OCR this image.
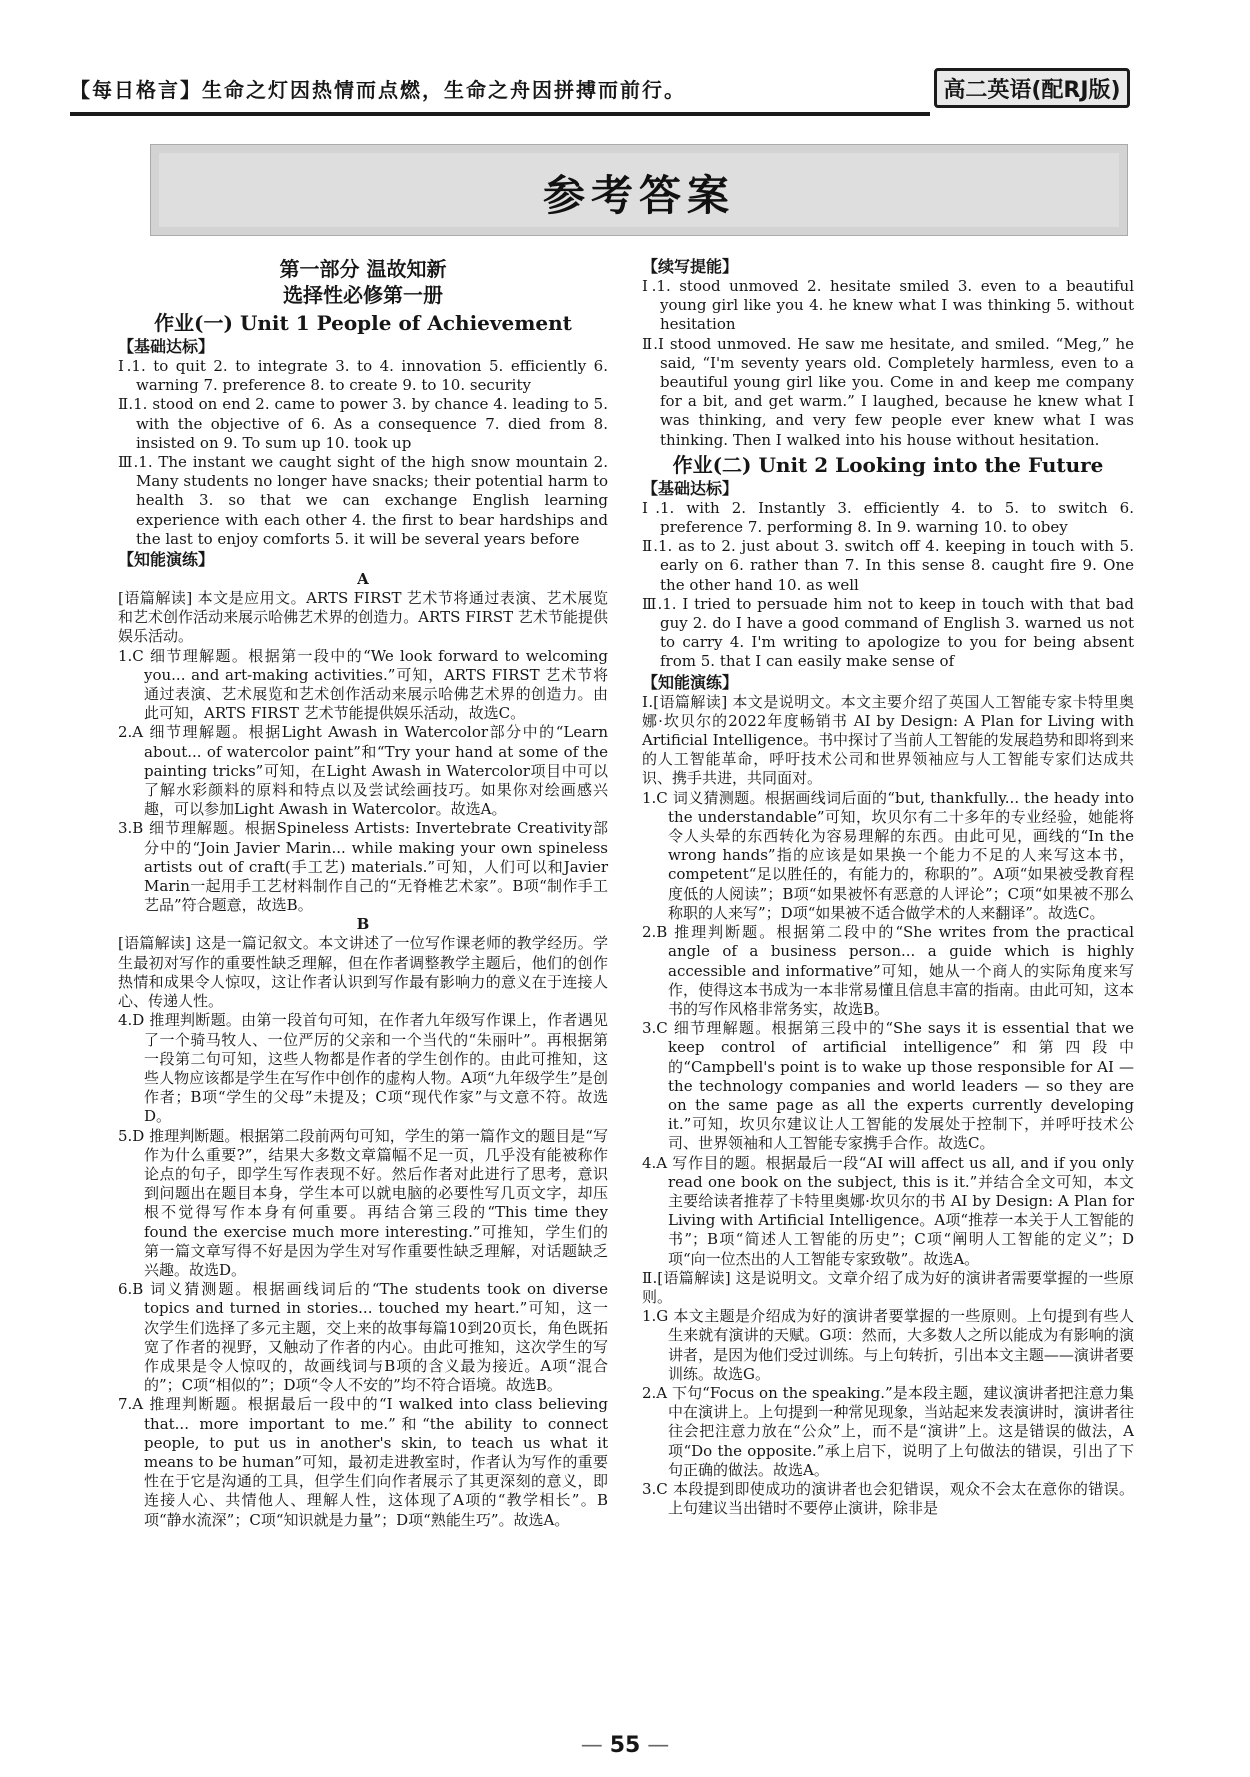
【每日格言】生命之灯因热情而点燃，生命之舟因拼搏而前行。	高二英语(配RJ版)
参考答案
第一部分 温故知新
选择性必修第一册
作业(一) Unit 1 People of Achievement
【基础达标】

Ⅰ.1. to quit 2. to integrate 3. to 4. innovation 5. efficiently 6. warning 7. preference 8. to create 9. to 10. security

Ⅱ.1. stood on end 2. came to power 3. by chance 4. leading to 5. with the objective of 6. As a consequence 7. died from 8. insisted on 9. To sum up 10. took up

Ⅲ.1. The instant we caught sight of the high snow mountain 2. Many students no longer have snacks; their potential harm to health 3. so that we can exchange English learning experience with each other 4. the first to bear hardships and the last to enjoy comforts 5. it will be several years before

【知能演练】
A

[语篇解读] 本文是应用文。ARTS FIRST 艺术节将通过表演、艺术展览和艺术创作活动来展示哈佛艺术界的创造力。ARTS FIRST 艺术节能提供娱乐活动。

1.C 细节理解题。根据第一段中的“We look forward to welcoming you... and art-making activities.”可知，ARTS FIRST 艺术节将通过表演、艺术展览和艺术创作活动来展示哈佛艺术界的创造力。由此可知，ARTS FIRST 艺术节能提供娱乐活动，故选C。

2.A 细节理解题。根据Light Awash in Watercolor部分中的“Learn about... of watercolor paint”和“Try your hand at some of the painting tricks”可知，在Light Awash in Watercolor项目中可以了解水彩颜料的原料和特点以及尝试绘画技巧。如果你对绘画感兴趣，可以参加Light Awash in Watercolor。故选A。

3.B 细节理解题。根据Spineless Artists: Invertebrate Creativity部分中的“Join Javier Marin... while making your own spineless artists out of craft(手工艺) materials.”可知，人们可以和Javier Marin一起用手工艺材料制作自己的“无脊椎艺术家”。B项“制作手工艺品”符合题意，故选B。

B

[语篇解读] 这是一篇记叙文。本文讲述了一位写作课老师的教学经历。学生最初对写作的重要性缺乏理解，但在作者调整教学主题后，他们的创作热情和成果令人惊叹，这让作者认识到写作最有影响力的意义在于连接人心、传递人性。

4.D 推理判断题。由第一段首句可知，在作者九年级写作课上，作者遇见了一个骑马牧人、一位严厉的父亲和一个当代的“朱丽叶”。再根据第一段第二句可知，这些人物都是作者的学生创作的。由此可推知，这些人物应该都是学生在写作中创作的虚构人物。A项“九年级学生”是创作者；B项“学生的父母”未提及；C项“现代作家”与文意不符。故选D。

5.D 推理判断题。根据第二段前两句可知，学生的第一篇作文的题目是“写作为什么重要?”，结果大多数文章篇幅不足一页，几乎没有能被称作论点的句子，即学生写作表现不好。然后作者对此进行了思考，意识到问题出在题目本身，学生本可以就电脑的必要性写几页文字，却压根不觉得写作本身有何重要。再结合第三段的“This time they found the exercise much more interesting.”可推知，学生们的第一篇文章写得不好是因为学生对写作重要性缺乏理解，对话题缺乏兴趣。故选D。

6.B 词义猜测题。根据画线词后的“The students took on diverse topics and turned in stories... touched my heart.”可知，这一次学生们选择了多元主题，交上来的故事每篇10到20页长，角色既拓宽了作者的视野，又触动了作者的内心。由此可推知，这次学生的写作成果是令人惊叹的，故画线词与B项的含义最为接近。A项“混合的”；C项“相似的”；D项“令人不安的”均不符合语境。故选B。

7.A 推理判断题。根据最后一段中的“I walked into class believing that... more important to me.”和“the ability to connect people, to put us in another's skin, to teach us what it means to be human”可知，最初走进教室时，作者认为写作的重要性在于它是沟通的工具，但学生们向作者展示了其更深刻的意义，即连接人心、共情他人、理解人性，这体现了A项的“教学相长”。B项“静水流深”；C项“知识就是力量”；D项“熟能生巧”。故选A。

【续写提能】

Ⅰ.1. stood unmoved 2. hesitate smiled 3. even to a beautiful young girl like you 4. he knew what I was thinking 5. without hesitation

Ⅱ.I stood unmoved. He saw me hesitate, and smiled. “Meg,” he said, “I'm seventy years old. Completely harmless, even to a beautiful young girl like you. Come in and keep me company for a bit, and get warm.” I laughed, because he knew what I was thinking, and very few people ever knew what I was thinking. Then I walked into his house without hesitation.

作业(二) Unit 2 Looking into the Future
【基础达标】

Ⅰ.1. with 2. Instantly 3. efficiently 4. to 5. to switch 6. preference 7. performing 8. In 9. warning 10. to obey

Ⅱ.1. as to 2. just about 3. switch off 4. keeping in touch with 5. early on 6. rather than 7. In this sense 8. caught fire 9. One the other hand 10. as well

Ⅲ.1. I tried to persuade him not to keep in touch with that bad guy 2. do I have a good command of English 3. warned us not to carry 4. I'm writing to apologize to you for being absent from 5. that I can easily make sense of

【知能演练】

Ⅰ.[语篇解读] 本文是说明文。本文主要介绍了英国人工智能专家卡特里奥娜·坎贝尔的2022年度畅销书 AI by Design: A Plan for Living with Artificial Intelligence。书中探讨了当前人工智能的发展趋势和即将到来的人工智能革命，呼吁技术公司和世界领袖应与人工智能专家们达成共识、携手共进，共同面对。

1.C 词义猜测题。根据画线词后面的“but, thankfully... the heady into the understandable”可知，坎贝尔有二十多年的专业经验，她能将令人头晕的东西转化为容易理解的东西。由此可见，画线的“In the wrong hands”指的应该是如果换一个能力不足的人来写这本书，competent“足以胜任的，有能力的，称职的”。A项“如果被受教育程度低的人阅读”；B项“如果被怀有恶意的人评论”；C项“如果被不那么称职的人来写”；D项“如果被不适合做学术的人来翻译”。故选C。

2.B 推理判断题。根据第二段中的“She writes from the practical angle of a business person... a guide which is highly accessible and informative”可知，她从一个商人的实际角度来写作，使得这本书成为一本非常易懂且信息丰富的指南。由此可知，这本书的写作风格非常务实，故选B。

3.C 细节理解题。根据第三段中的“She says it is essential that we keep control of artificial intelligence”和第四段中的“Campbell's point is to wake up those responsible for AI — the technology companies and world leaders — so they are on the same page as all the experts currently developing it.”可知，坎贝尔建议让人工智能的发展处于控制下，并呼吁技术公司、世界领袖和人工智能专家携手合作。故选C。

4.A 写作目的题。根据最后一段“AI will affect us all, and if you only read one book on the subject, this is it.”并结合全文可知，本文主要给读者推荐了卡特里奥娜·坎贝尔的书 AI by Design: A Plan for Living with Artificial Intelligence。A项“推荐一本关于人工智能的书”；B项“简述人工智能的历史”；C项“阐明人工智能的定义”；D项“向一位杰出的人工智能专家致敬”。故选A。

Ⅱ.[语篇解读] 这是说明文。文章介绍了成为好的演讲者需要掌握的一些原则。

1.G 本文主题是介绍成为好的演讲者要掌握的一些原则。上句提到有些人生来就有演讲的天赋。G项：然而，大多数人之所以能成为有影响的演讲者，是因为他们受过训练。与上句转折，引出本文主题——演讲者要训练。故选G。

2.A 下句“Focus on the speaking.”是本段主题，建议演讲者把注意力集中在演讲上。上句提到一种常见现象，当站起来发表演讲时，演讲者往往会把注意力放在“公众”上，而不是“演讲”上。这是错误的做法，A项“Do the opposite.”承上启下，说明了上句做法的错误，引出了下句正确的做法。故选A。

3.C 本段提到即使成功的演讲者也会犯错误，观众不会太在意你的错误。上句建议当出错时不要停止演讲，除非是

— 55 —
